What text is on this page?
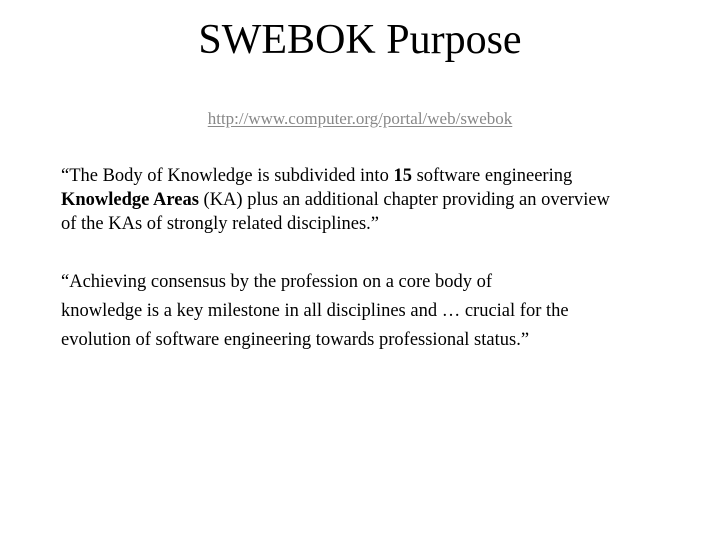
SWEBOK Purpose
http://www.computer.org/portal/web/swebok

“The Body of Knowledge is subdivided into 15 software engineering
Knowledge Areas (KA) plus an additional chapter providing an overview
of the KAs of strongly related disciplines.”

“Achieving consensus by the profession on a core body of
knowledge is a key milestone in all disciplines and … crucial for the
evolution of software engineering towards professional status.”
